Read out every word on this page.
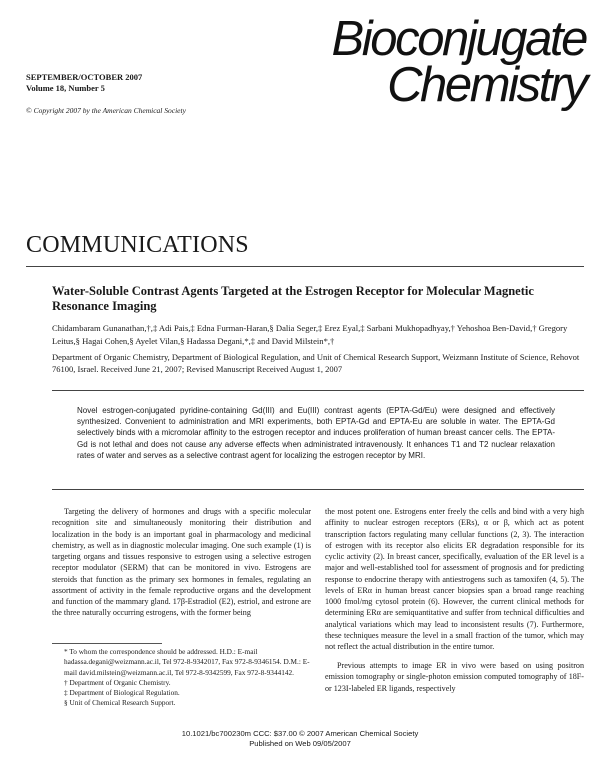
SEPTEMBER/OCTOBER 2007
Volume 18, Number 5
© Copyright 2007 by the American Chemical Society
Bioconjugate
Chemistry
COMMUNICATIONS
Water-Soluble Contrast Agents Targeted at the Estrogen Receptor for Molecular Magnetic Resonance Imaging
Chidambaram Gunanathan,†,‡ Adi Pais,‡ Edna Furman-Haran,§ Dalia Seger,‡ Erez Eyal,‡ Sarbani Mukhopadhyay,† Yehoshoa Ben-David,† Gregory Leitus,§ Hagai Cohen,§ Ayelet Vilan,§ Hadassa Degani,*,‡ and David Milstein*,†
Department of Organic Chemistry, Department of Biological Regulation, and Unit of Chemical Research Support, Weizmann Institute of Science, Rehovot 76100, Israel. Received June 21, 2007; Revised Manuscript Received August 1, 2007
Novel estrogen-conjugated pyridine-containing Gd(III) and Eu(III) contrast agents (EPTA-Gd/Eu) were designed and effectively synthesized. Convenient to administration and MRI experiments, both EPTA-Gd and EPTA-Eu are soluble in water. The EPTA-Gd selectively binds with a micromolar affinity to the estrogen receptor and induces proliferation of human breast cancer cells. The EPTA-Gd is not lethal and does not cause any adverse effects when administrated intravenously. It enhances T1 and T2 nuclear relaxation rates of water and serves as a selective contrast agent for localizing the estrogen receptor by MRI.
Targeting the delivery of hormones and drugs with a specific molecular recognition site and simultaneously monitoring their distribution and localization in the body is an important goal in pharmacology and medicinal chemistry, as well as in diagnostic molecular imaging. One such example (1) is targeting organs and tissues responsive to estrogen using a selective estrogen receptor modulator (SERM) that can be monitored in vivo. Estrogens are steroids that function as the primary sex hormones in females, regulating an assortment of activity in the female reproductive organs and the development and function of the mammary gland. 17β-Estradiol (E2), estriol, and estrone are the three naturally occurring estrogens, with the former being

* To whom the correspondence should be addressed. H.D.: E-mail hadassa.degani@weizmann.ac.il, Tel 972-8-9342017, Fax 972-8-9346154. D.M.: E-mail david.milstein@weizmann.ac.il, Tel 972-8-9342599, Fax 972-8-9344142.

† Department of Organic Chemistry.

‡ Department of Biological Regulation.

§ Unit of Chemical Research Support.

the most potent one. Estrogens enter freely the cells and bind with a very high affinity to nuclear estrogen receptors (ERs), α or β, which act as potent transcription factors regulating many cellular functions (2, 3). The interaction of estrogen with its receptor also elicits ER degradation responsible for its cyclic activity (2). In breast cancer, specifically, evaluation of the ER level is a major and well-established tool for assessment of prognosis and for predicting response to endocrine therapy with antiestrogens such as tamoxifen (4, 5). The levels of ERα in human breast cancer biopsies span a broad range reaching 1000 fmol/mg cytosol protein (6). However, the current clinical methods for determining ERα are semiquantitative and suffer from technical difficulties and analytical variations which may lead to inconsistent results (7). Furthermore, these techniques measure the level in a small fraction of the tumor, which may not reflect the actual distribution in the entire tumor.
Previous attempts to image ER in vivo were based on using positron emission tomography or single-photon emission computed tomography of 18F- or 123I-labeled ER ligands, respectively
10.1021/bc700230m CCC: $37.00 © 2007 American Chemical Society
Published on Web 09/05/2007
